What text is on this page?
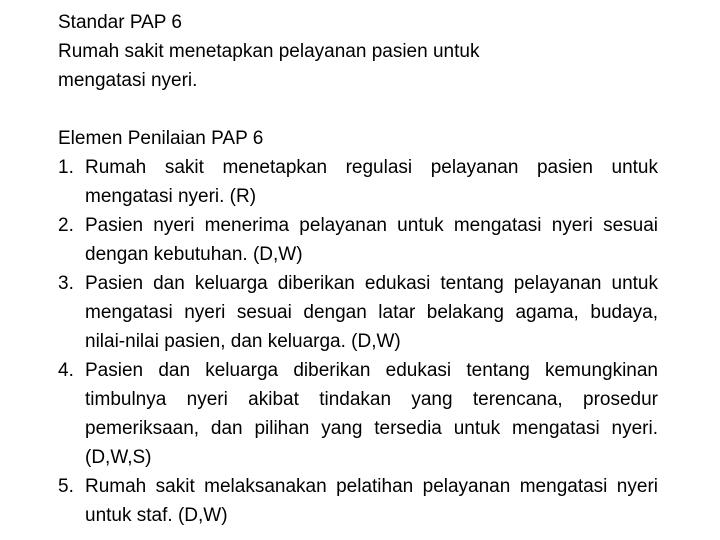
Standar PAP 6

Rumah sakit menetapkan pelayanan pasien untuk

mengatasi nyeri.

Elemen Penilaian PAP 6

1. Rumah sakit menetapkan regulasi pelayanan pasien untuk mengatasi nyeri. (R)
2. Pasien nyeri menerima pelayanan untuk mengatasi nyeri sesuai dengan kebutuhan. (D,W)
3. Pasien dan keluarga diberikan edukasi tentang pelayanan untuk mengatasi nyeri sesuai dengan latar belakang agama, budaya, nilai-nilai pasien, dan keluarga. (D,W)
4. Pasien dan keluarga diberikan edukasi tentang kemungkinan timbulnya nyeri akibat tindakan yang terencana, prosedur pemeriksaan, dan pilihan yang tersedia untuk mengatasi nyeri. (D,W,S)
5. Rumah sakit melaksanakan pelatihan pelayanan mengatasi nyeri untuk staf. (D,W)
